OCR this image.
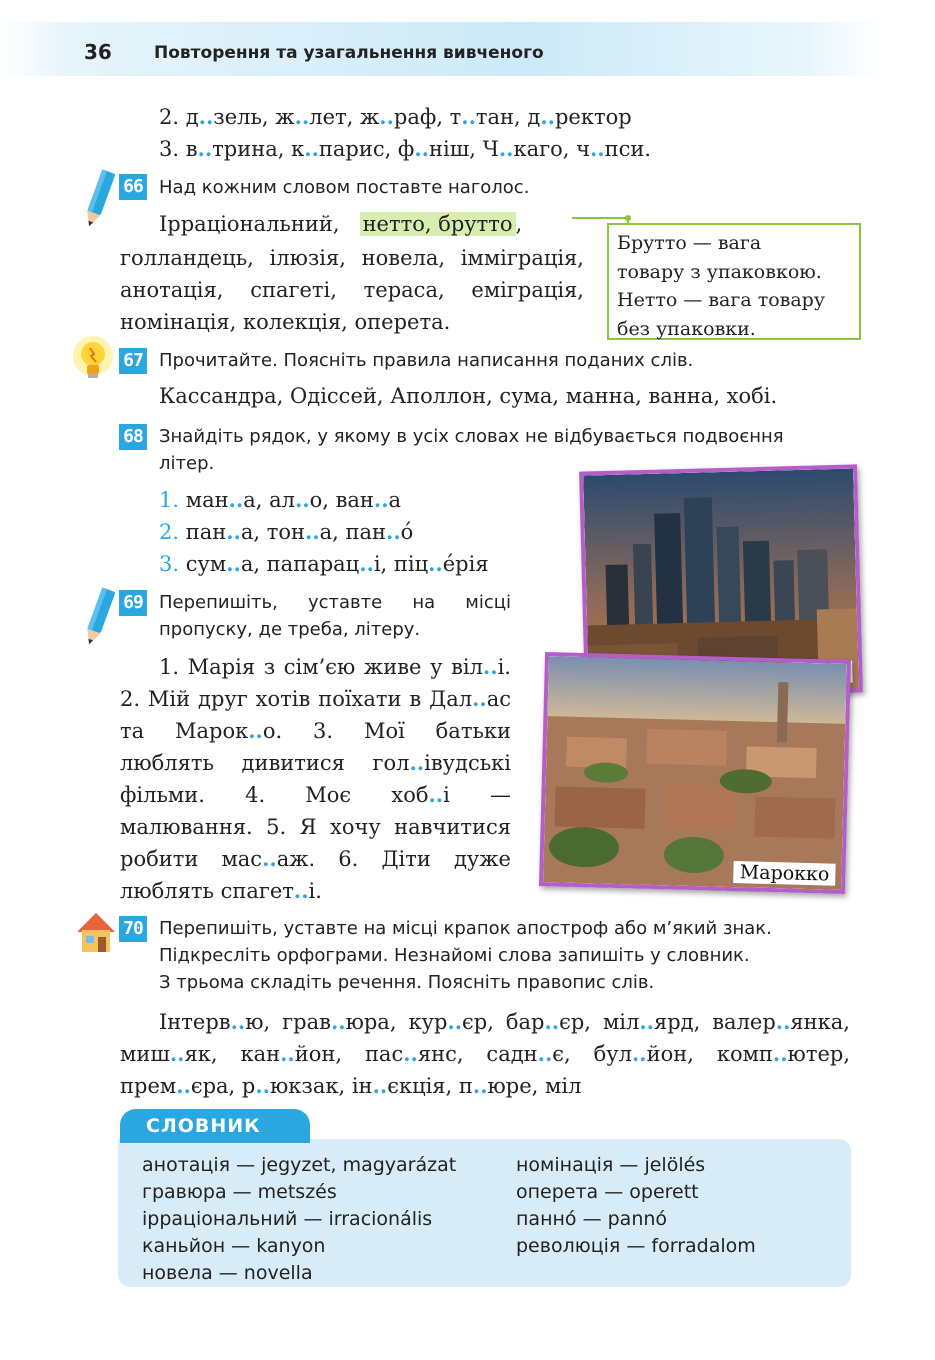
36 Повторення та узагальнення вивченого
2. д..зель, ж..лет, ж..раф, т..тан, д..ректор
3. в..трина, к..парис, ф..ніш, Ч..каго, ч..пси.
66 Над кожним словом поставте наголос.
Ірраціональний, нетто, брутто ,
голландець, ілюзія, новела, імміграція, анотація, спагеті, тераса, еміграція, номінація, колекція, оперета.
Брутто — вага
товару з упаковкою.
Нетто — вага товару
без упаковки.
67 Прочитайте. Поясніть правила написання поданих слів.
Кассандра, Одіссей, Аполлон, сума, манна, ванна, хобі.
68 Знайдіть рядок, у якому в усіх словах не відбувається подвоєння
літер.
1. ман..а, ал..о, ван..а
2. пан..а, тон..а, пан..о́
3. сум..а, папарац..і, піц..е́рія
Марокко
69 Перепишіть, уставте на місці
пропуску, де треба, літеру.
1. Марія з сім’єю живе у віл..і. 2. Мій друг хотів поїхати в Дал..ас та Марок..о. 3. Мої батьки люблять дивитися гол..івудські фільми. 4. Моє хоб..і — малювання. 5. Я хочу навчитися робити мас..аж. 6. Діти дуже люблять спагет..і.
70 Перепишіть, уставте на місці крапок апостроф або м’який знак.
Підкресліть орфограми. Незнайомі слова запишіть у словник.
З трьома складіть речення. Поясніть правопис слів.
Інтерв..ю, грав..юра, кур..єр, бар..єр, міл..ярд, валер..янка, миш..як, кан..йон, пас..янс, садн..є, бул..йон, комп..ютер, прем..єра, р..юкзак, ін..єкція, п..юре, міл
СЛОВНИК
анотація — jegyzet, magyarázat
гравюра — metszés
ірраціональний — irracionális
каньйон — kanyon
новела — novella
номінація — jelölés
оперета — operett
панно́ — pannó
революція — forradalom
